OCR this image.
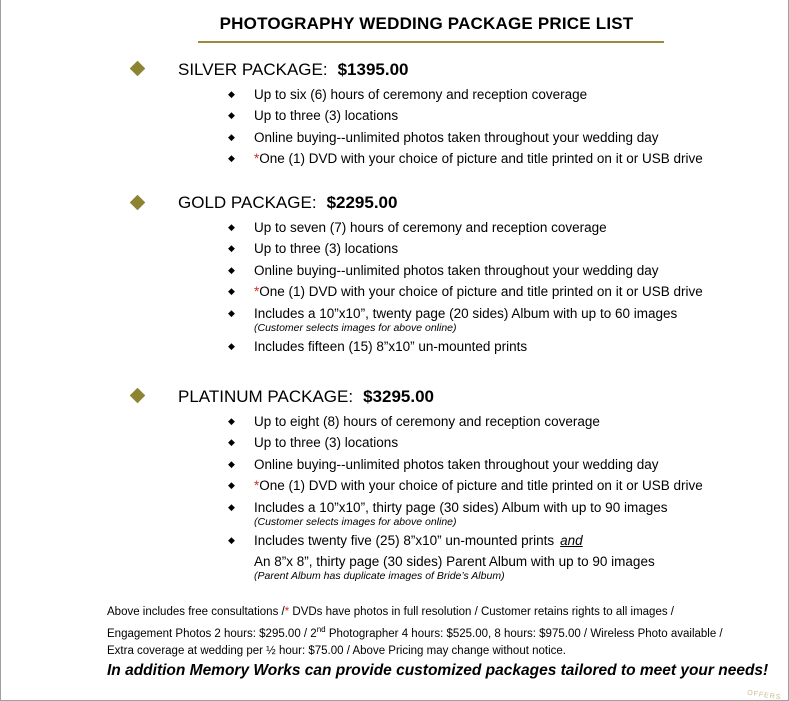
PHOTOGRAPHY WEDDING PACKAGE PRICE LIST
SILVER PACKAGE: $1395.00
◆ Up to six (6) hours of ceremony and reception coverage
◆ Up to three (3) locations
◆ Online buying--unlimited photos taken throughout your wedding day
◆ *One (1) DVD with your choice of picture and title printed on it or USB drive
GOLD PACKAGE: $2295.00
◆ Up to seven (7) hours of ceremony and reception coverage
◆ Up to three (3) locations
◆ Online buying--unlimited photos taken throughout your wedding day
◆ *One (1) DVD with your choice of picture and title printed on it or USB drive
◆ Includes a 10”x10”, twenty page (20 sides) Album with up to 60 images
(Customer selects images for above online)
◆ Includes fifteen (15) 8”x10” un-mounted prints
PLATINUM PACKAGE: $3295.00
◆ Up to eight (8) hours of ceremony and reception coverage
◆ Up to three (3) locations
◆ Online buying--unlimited photos taken throughout your wedding day
◆ *One (1) DVD with your choice of picture and title printed on it or USB drive
◆ Includes a 10”x10”, thirty page (30 sides) Album with up to 90 images
(Customer selects images for above online)
◆ Includes twenty five (25) 8”x10” un-mounted prints and
An 8”x 8”, thirty page (30 sides) Parent Album with up to 90 images
(Parent Album has duplicate images of Bride’s Album)
Above includes free consultations /* DVDs have photos in full resolution / Customer retains rights to all images /
Engagement Photos 2 hours: $295.00 / 2nd Photographer 4 hours: $525.00, 8 hours: $975.00 / Wireless Photo available /
Extra coverage at wedding per ½ hour: $75.00 / Above Pricing may change without notice.
In addition Memory Works can provide customized packages tailored to meet your needs!
OFFERS
